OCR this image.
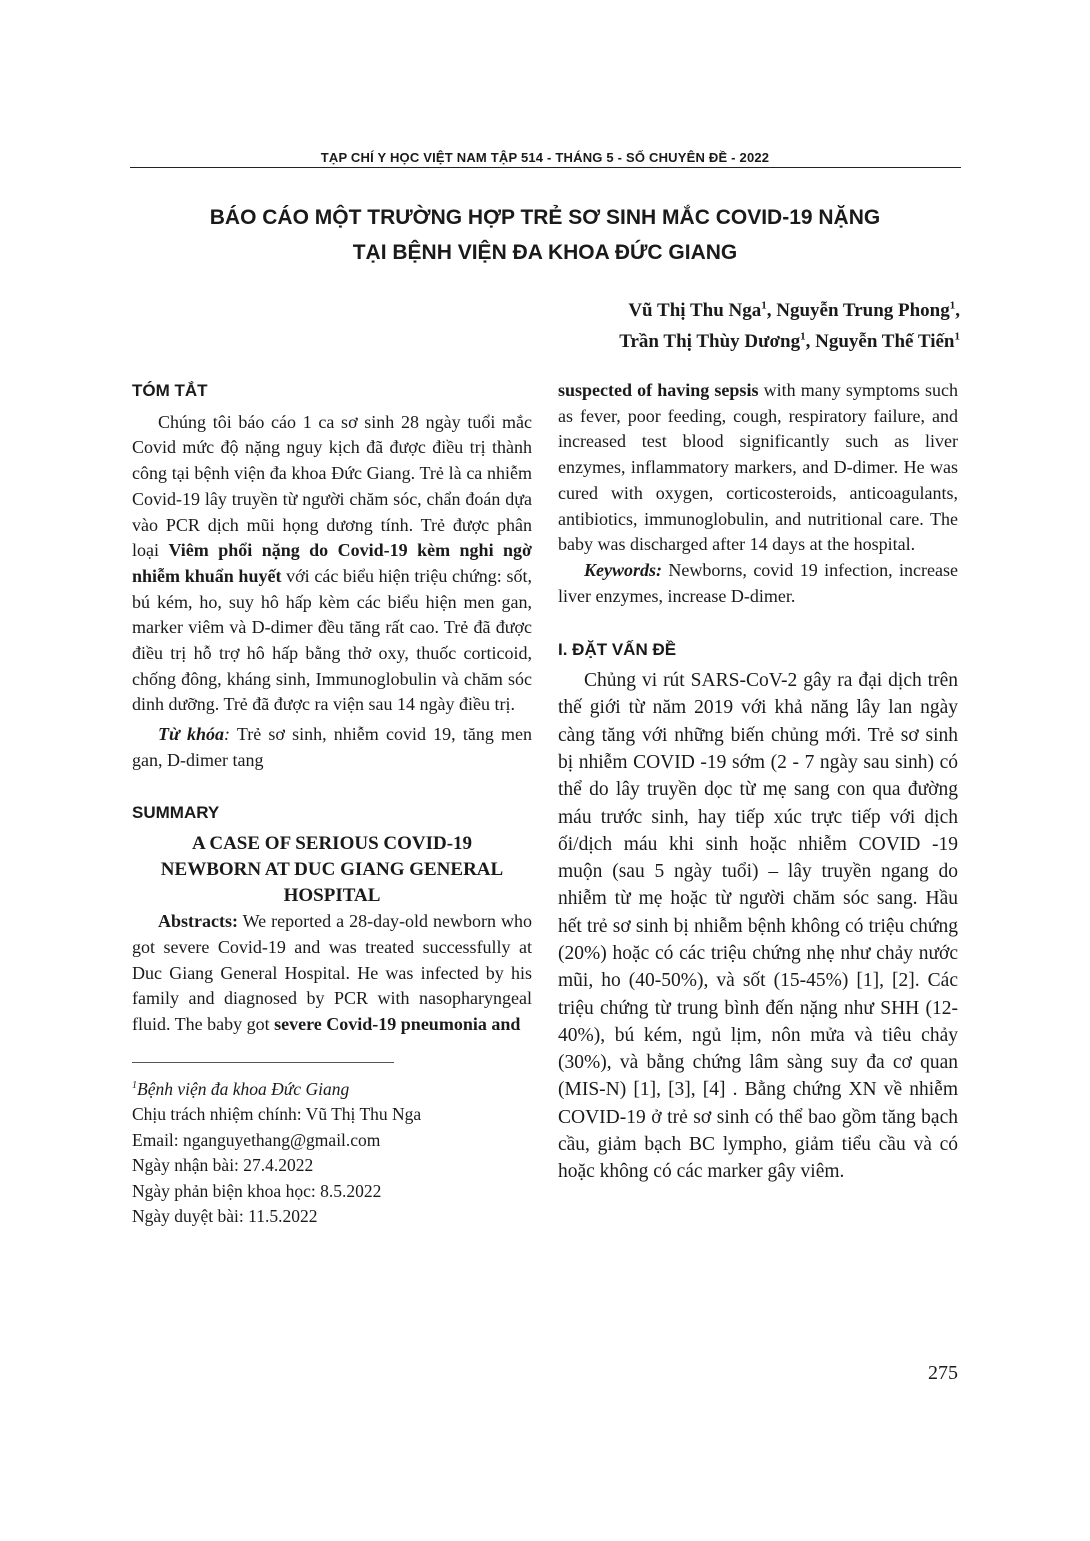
TẠP CHÍ Y HỌC VIỆT NAM TẬP 514 - THÁNG 5 - SỐ CHUYÊN ĐỀ - 2022
BÁO CÁO MỘT TRƯỜNG HỢP TRẺ SƠ SINH MẮC COVID-19 NẶNG
TẠI BỆNH VIỆN ĐA KHOA ĐỨC GIANG
Vũ Thị Thu Nga$^1$, Nguyễn Trung Phong$^1$,
Trần Thị Thùy Dương$^1$, Nguyễn Thế Tiến$^1$
TÓM TẮT

Chúng tôi báo cáo 1 ca sơ sinh 28 ngày tuổi mắc Covid mức độ nặng nguy kịch đã được điều trị thành công tại bệnh viện đa khoa Đức Giang. Trẻ là ca nhiễm Covid-19 lây truyền từ người chăm sóc, chẩn đoán dựa vào PCR dịch mũi họng dương tính. Trẻ được phân loại Viêm phổi nặng do Covid-19 kèm nghi ngờ nhiễm khuẩn huyết với các biểu hiện triệu chứng: sốt, bú kém, ho, suy hô hấp kèm các biểu hiện men gan, marker viêm và D-dimer đều tăng rất cao. Trẻ đã được điều trị hỗ trợ hô hấp bằng thở oxy, thuốc corticoid, chống đông, kháng sinh, Immunoglobulin và chăm sóc dinh dưỡng. Trẻ đã được ra viện sau 14 ngày điều trị.

Từ khóa: Trẻ sơ sinh, nhiễm covid 19, tăng men gan, D-dimer tang

SUMMARY

A CASE OF SERIOUS COVID-19

NEWBORN AT DUC GIANG GENERAL

HOSPITAL

Abstracts: We reported a 28-day-old newborn who got severe Covid-19 and was treated successfully at Duc Giang General Hospital. He was infected by his family and diagnosed by PCR with nasopharyngeal fluid. The baby got severe Covid-19 pneumonia and

$^1$Bệnh viện đa khoa Đức Giang

Chịu trách nhiệm chính: Vũ Thị Thu Nga

Email: nganguyethang@gmail.com

Ngày nhận bài: 27.4.2022

Ngày phản biện khoa học: 8.5.2022

Ngày duyệt bài: 11.5.2022

suspected of having sepsis with many symptoms such as fever, poor feeding, cough, respiratory failure, and increased test blood significantly such as liver enzymes, inflammatory markers, and D-dimer. He was cured with oxygen, corticosteroids, anticoagulants, antibiotics, immunoglobulin, and nutritional care. The baby was discharged after 14 days at the hospital.

Keywords: Newborns, covid 19 infection, increase liver enzymes, increase D-dimer.

I. ĐẶT VẤN ĐỀ

Chủng vi rút SARS-CoV-2 gây ra đại dịch trên thế giới từ năm 2019 với khả năng lây lan ngày càng tăng với những biến chủng mới. Trẻ sơ sinh bị nhiễm COVID -19 sớm (2 - 7 ngày sau sinh) có thể do lây truyền dọc từ mẹ sang con qua đường máu trước sinh, hay tiếp xúc trực tiếp với dịch ối/dịch máu khi sinh hoặc nhiễm COVID -19 muộn (sau 5 ngày tuổi) – lây truyền ngang do nhiễm từ mẹ hoặc từ người chăm sóc sang. Hầu hết trẻ sơ sinh bị nhiễm bệnh không có triệu chứng (20%) hoặc có các triệu chứng nhẹ như chảy nước mũi, ho (40-50%), và sốt (15-45%) [1], [2]. Các triệu chứng từ trung bình đến nặng như SHH (12-40%), bú kém, ngủ lịm, nôn mửa và tiêu chảy (30%), và bằng chứng lâm sàng suy đa cơ quan (MIS-N) [1], [3], [4] . Bằng chứng XN về nhiễm COVID-19 ở trẻ sơ sinh có thể bao gồm tăng bạch cầu, giảm bạch BC lympho, giảm tiểu cầu và có hoặc không có các marker gây viêm.

275
